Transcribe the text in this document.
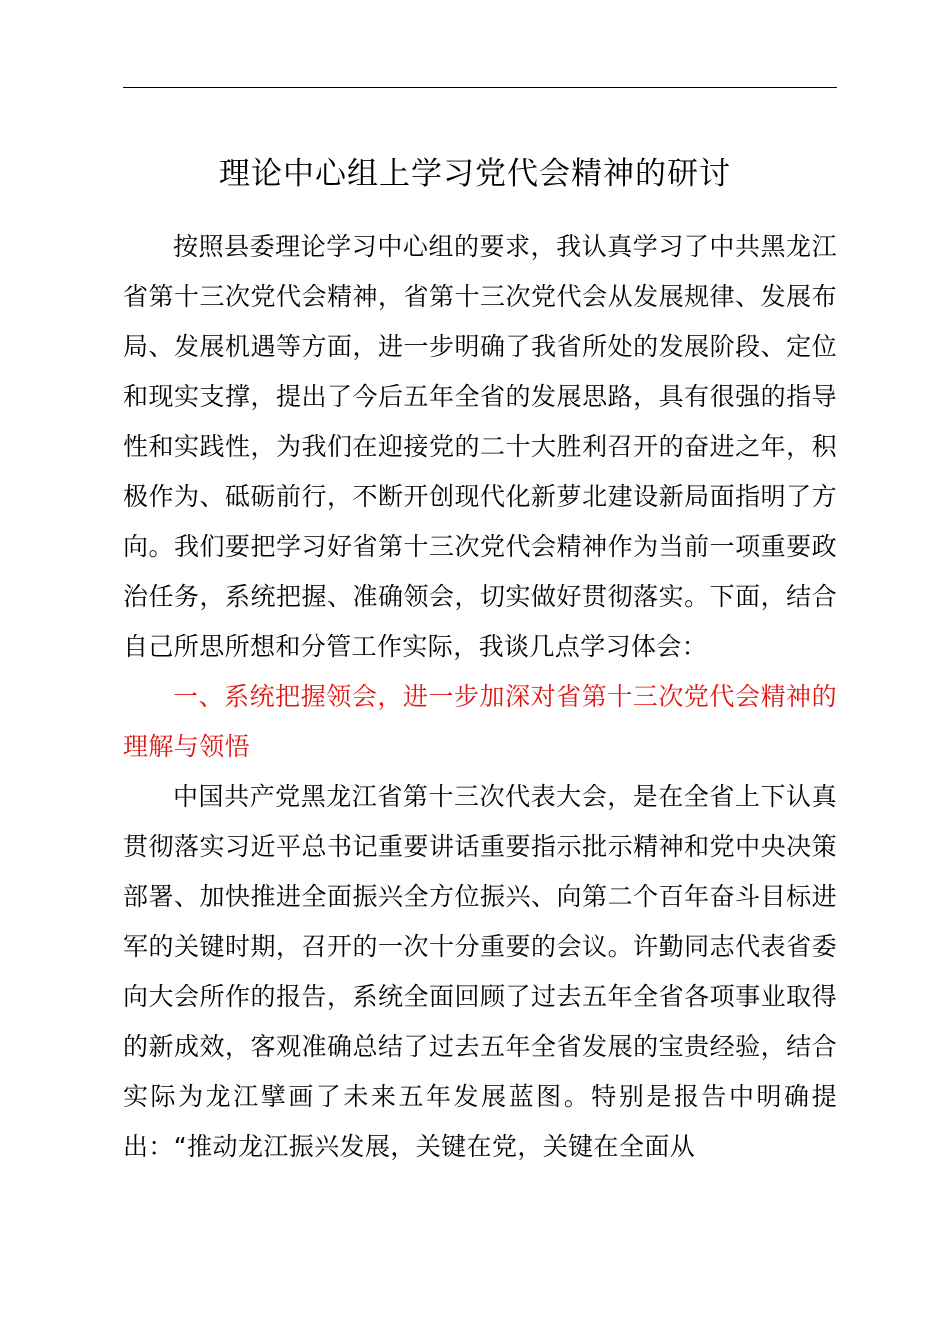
理论中心组上学习党代会精神的研讨

按照县委理论学习中心组的要求，我认真学习了中共黑龙江省第十三次党代会精神，省第十三次党代会从发展规律、发展布局、发展机遇等方面，进一步明确了我省所处的发展阶段、定位和现实支撑，提出了今后五年全省的发展思路，具有很强的指导性和实践性，为我们在迎接党的二十大胜利召开的奋进之年，积极作为、砥砺前行，不断开创现代化新萝北建设新局面指明了方向。我们要把学习好省第十三次党代会精神作为当前一项重要政治任务，系统把握、准确领会，切实做好贯彻落实。下面，结合自己所思所想和分管工作实际，我谈几点学习体会：

一、系统把握领会，进一步加深对省第十三次党代会精神的理解与领悟

中国共产党黑龙江省第十三次代表大会，是在全省上下认真贯彻落实习近平总书记重要讲话重要指示批示精神和党中央决策部署、加快推进全面振兴全方位振兴、向第二个百年奋斗目标进军的关键时期，召开的一次十分重要的会议。许勤同志代表省委向大会所作的报告，系统全面回顾了过去五年全省各项事业取得的新成效，客观准确总结了过去五年全省发展的宝贵经验，结合实际为龙江擘画了未来五年发展蓝图。特别是报告中明确提出：“推动龙江振兴发展，关键在党，关键在全面从
